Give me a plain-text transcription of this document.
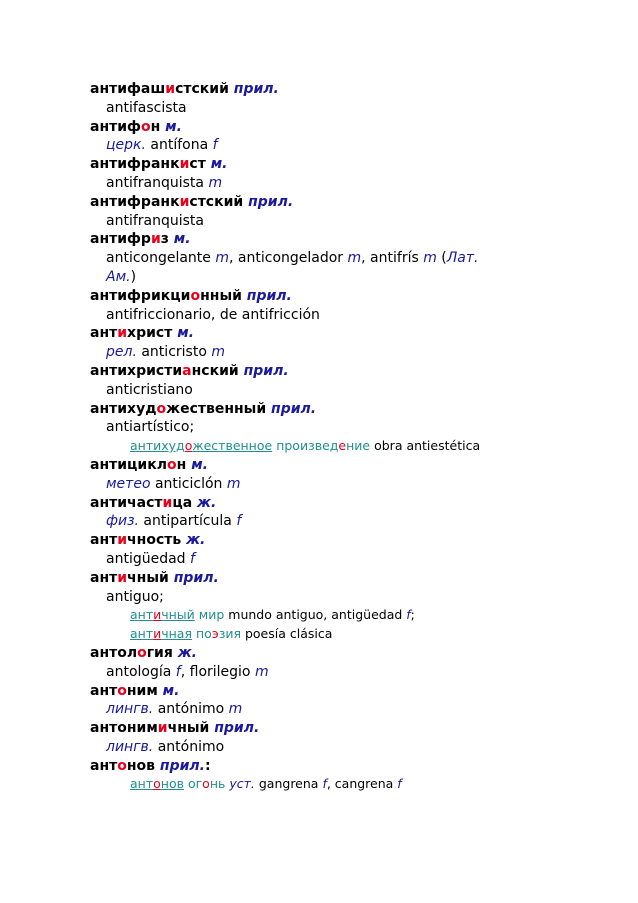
антифашистский прил.
antifascista
антифон м.
церк. antífona f
антифранкист м.
antifranquista m
антифранкистский прил.
antifranquista
антифриз м.
anticongelante m, anticongelador m, antifrís m (Лат.
Ам.)
антифрикционный прил.
antifriccionario, de antifricción
антихрист м.
рел. anticristo m
антихристианский прил.
anticristiano
антихудожественный прил.
antiartístico;
антихудожественное произведение obra antiestética
антициклон м.
метео anticiclón m
античастица ж.
физ. antipartícula f
античность ж.
antigüedad f
античный прил.
antiguo;
античный мир mundo antiguo, antigüedad f;
античная поэзия poesía clásica
антология ж.
antología f, florilegio m
антоним м.
лингв. antónimo m
антонимичный прил.
лингв. antónimo
антонов прил.:
антонов огонь уст. gangrena f, cangrena f
